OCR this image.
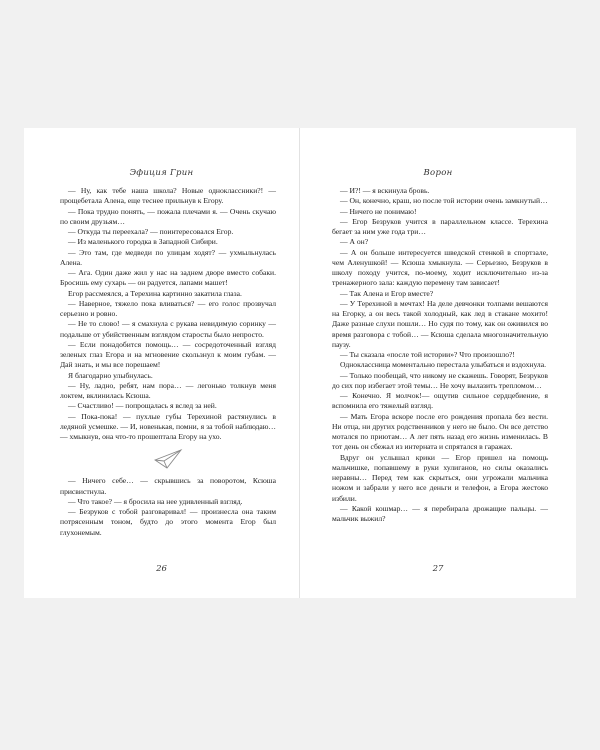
Эфиция Грин

— Ну, как тебе наша школа? Новые одноклассники?! — прощебетала Алена, еще теснее прильнув к Егору.

— Пока трудно понять, — пожала плечами я. — Очень скучаю по своим друзьям…

— Откуда ты переехала? — поинтересовался Егор.

— Из маленького городка в Западной Сибири.

— Это там, где медведи по улицам ходят? — ухмыльнулась Алена.

— Ага. Один даже жил у нас на заднем дворе вместо собаки. Бросишь ему сухарь — он радуется, лапами машет!

Егор рассмеялся, а Терехина картинно закатила глаза.

— Наверное, тяжело пока вливаться? — его голос прозвучал серьезно и ровно.

— Не то слово! — я смахнула с рукава невидимую соринку — подальше от убийственным взглядом старосты было непросто.

— Если понадобится помощь… — сосредоточенный взгляд зеленых глаз Егора и на мгновение скользнул к моим губам. — Дай знать, и мы все порешаем!

Я благодарно улыбнулась.

— Ну, ладно, ребят, нам пора… — легонько толкнув меня локтем, вклинилась Ксюша.

— Счастливо! — попрощалась я вслед за ней.

— Пока-пока! — пухлые губы Терехиной растянулись в ледяной усмешке. — И, новенькая, помни, я за тобой наблюдаю… — хмыкнув, она что-то прошептала Егору на ухо.

— Ничего себе… — скрывшись за поворотом, Ксюша присвистнула.

— Что такое? — я бросила на нее удивленный взгляд.

— Безруков с тобой разговаривал! — произнесла она таким потрясенным тоном, будто до этого момента Егор был глухонемым.

26
Ворон

— И?! — я вскинула бровь.

— Он, конечно, краш, но после той истории очень замкнутый…

— Ничего не понимаю!

— Егор Безруков учится в параллельном классе. Терехина бегает за ним уже года три…

— А он?

— А он больше интересуется шведской стенкой в спортзале, чем Аленушкой! — Ксюша хмыкнула. — Серьезно, Безруков в школу походу учится, по-моему, ходит исключительно из-за тренажерного зала: каждую перемену там зависает!

— Так Алена и Егор вместе?

— У Терехиной в мечтах! На деле девчонки толпами вешаются на Егорку, а он весь такой холодный, как лед в стакане мохито! Даже разные слухи пошли… Но судя по тому, как он оживился во время разговора с тобой… — Ксюша сделала многозначительную паузу.

— Ты сказала «после той истории»? Что произошло?!

Одноклассница моментально перестала улыбаться и вздохнула.

— Только пообещай, что никому не скажешь. Говорят, Безруков до сих пор избегает этой темы… Не хочу вылазить трепломом…

— Конечно. Я молчок!— ощутив сильное сердцебиение, я вспомнила его тяжелый взгляд.

— Мать Егора вскоре после его рождения пропала без вести. Ни отца, ни других родственников у него не было. Он все детство мотался по приютам… А лет пять назад его жизнь изменилась. В тот день он сбежал из интерната и спрятался в гаражах.

Вдруг он услышал крики — Егор пришел на помощь мальчишке, попавшему в руки хулиганов, но силы оказались неравны… Перед тем как скрыться, они угрожали мальчика ножом и забрали у него все деньги и телефон, а Егора жестоко избили.

— Какой кошмар… — я перебирала дрожащие пальцы. — мальчик выжил?

27
